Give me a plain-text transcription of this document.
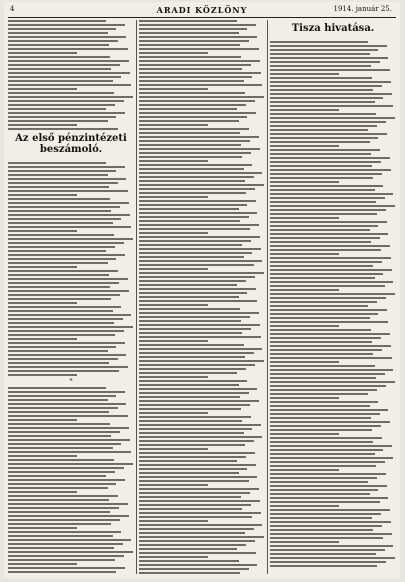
4	ARADI KÖZLÖNY	1914. január 25.
Az első pénzintézeti beszámoló.
*
Tisza hivatása.
